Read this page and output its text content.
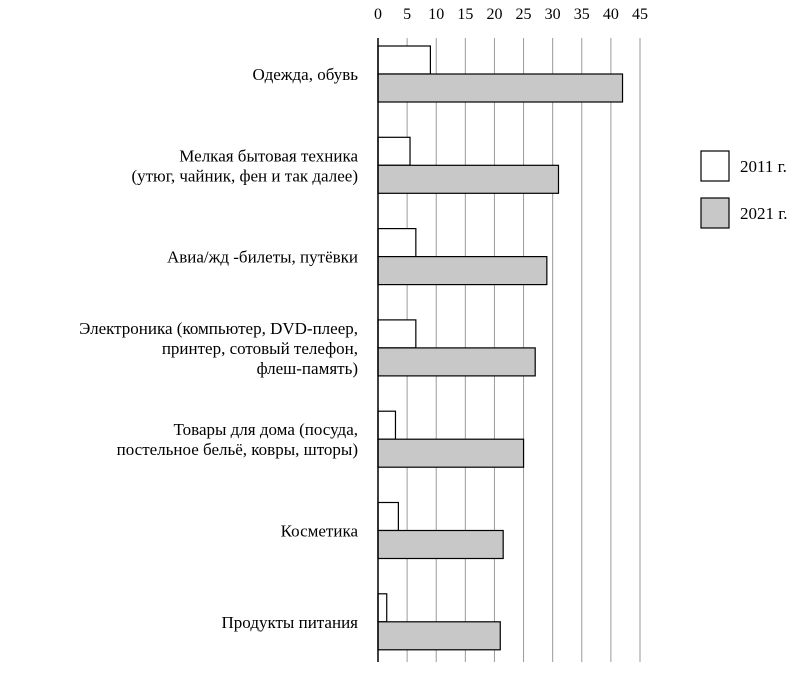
0 5 10 15 20 25 30 35 40 45
Одежда, обувь
Мелкая бытовая техника
(утюг, чайник, фен и так далее)
Авиа/жд -билеты, путёвки
Электроника (компьютер, DVD-плеер,
принтер, сотовый телефон,
флеш-память)
Товары для дома (посуда,
постельное бельё, ковры, шторы)
Косметика
Продукты питания
2011 г.
2021 г.
